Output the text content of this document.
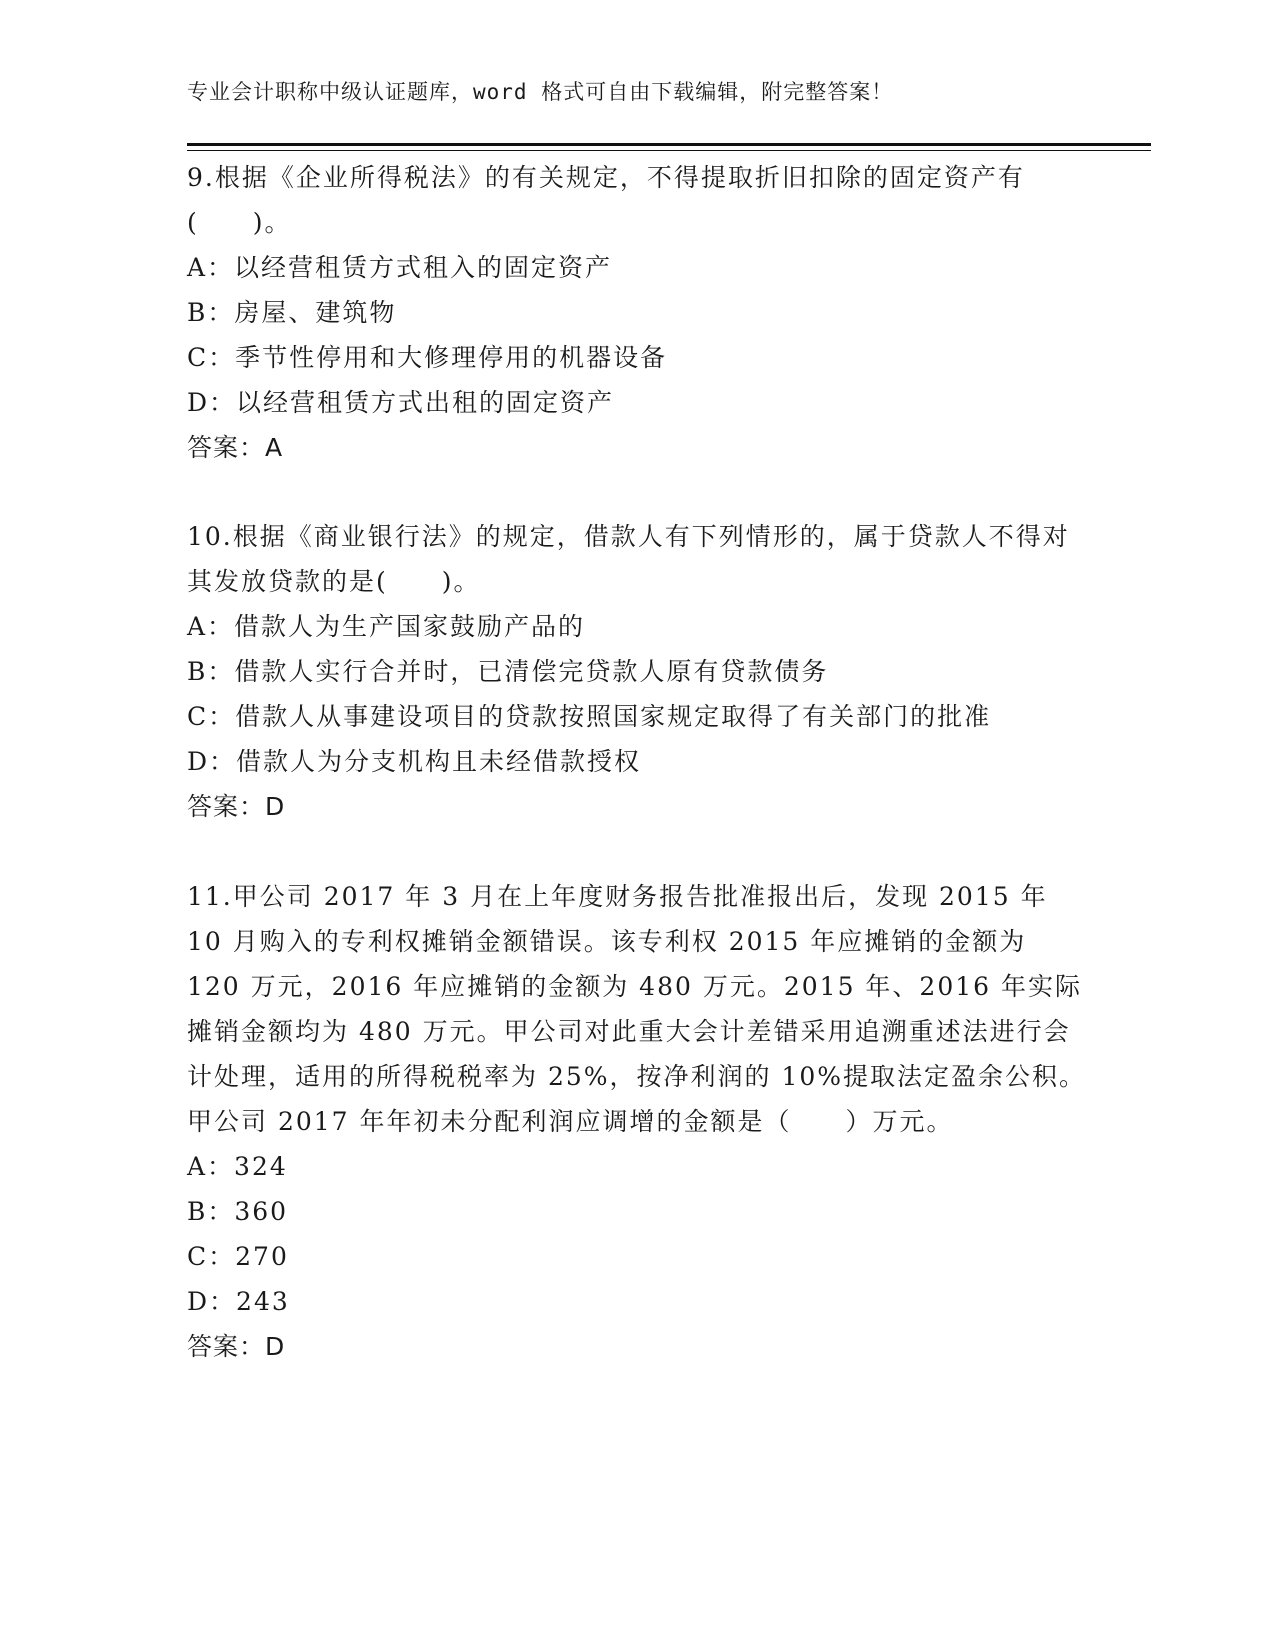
专业会计职称中级认证题库，word 格式可自由下载编辑，附完整答案！

9.根据《企业所得税法》的有关规定，不得提取折旧扣除的固定资产有(　　)。

A：以经营租赁方式租入的固定资产

B：房屋、建筑物

C：季节性停用和大修理停用的机器设备

D：以经营租赁方式出租的固定资产

答案：A

10.根据《商业银行法》的规定，借款人有下列情形的，属于贷款人不得对其发放贷款的是(　　)。

A：借款人为生产国家鼓励产品的

B：借款人实行合并时，已清偿完贷款人原有贷款债务

C：借款人从事建设项目的贷款按照国家规定取得了有关部门的批准

D：借款人为分支机构且未经借款授权

答案：D

11.甲公司 2017 年 3 月在上年度财务报告批准报出后，发现 2015 年 10 月购入的专利权摊销金额错误。该专利权 2015 年应摊销的金额为 120 万元，2016 年应摊销的金额为 480 万元。2015 年、2016 年实际摊销金额均为 480 万元。甲公司对此重大会计差错采用追溯重述法进行会计处理，适用的所得税税率为 25%，按净利润的 10%提取法定盈余公积。甲公司 2017 年年初未分配利润应调增的金额是（　　）万元。

A：324

B：360

C：270

D：243

答案：D
